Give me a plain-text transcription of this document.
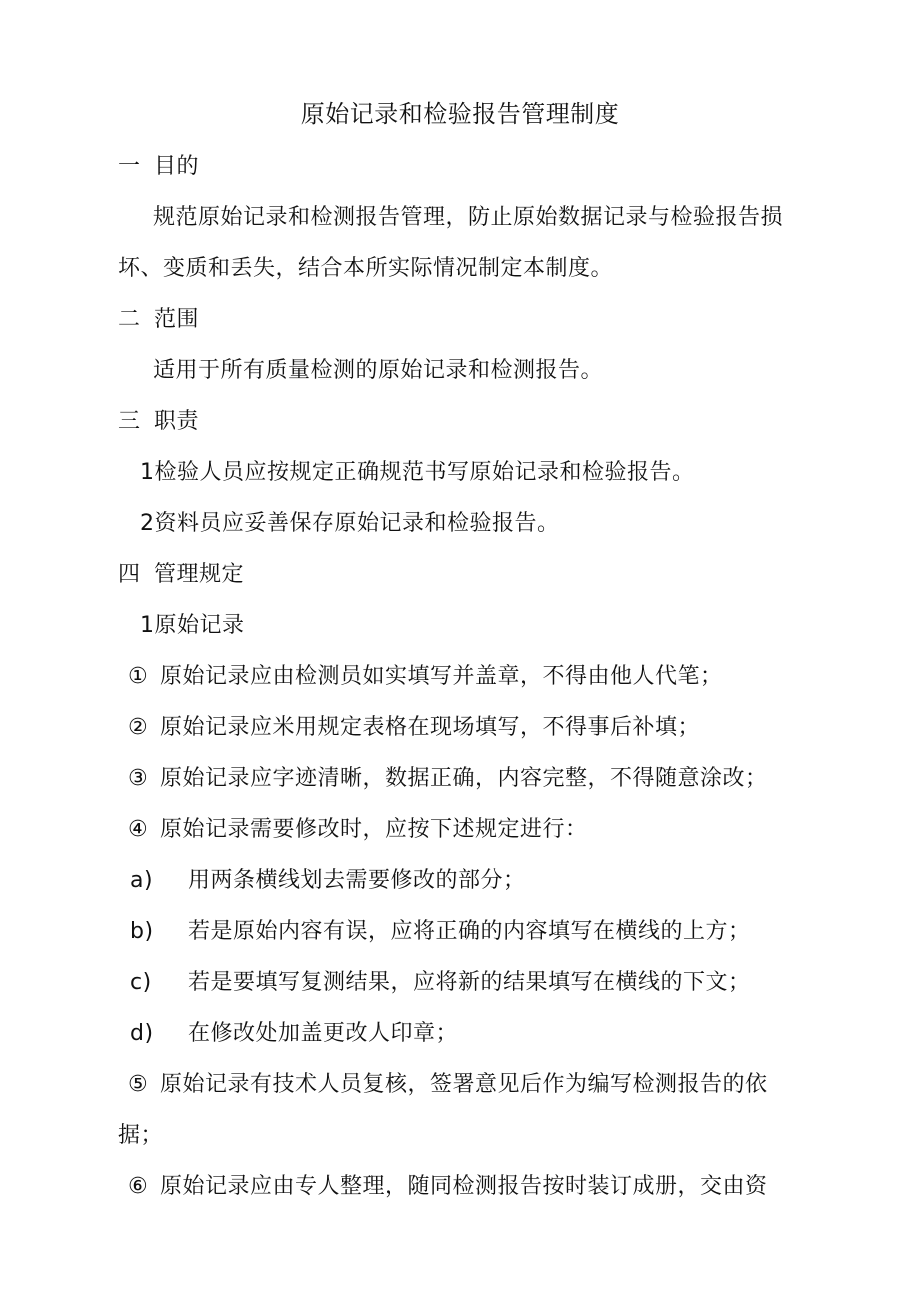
原始记录和检验报告管理制度
一 目的
规范原始记录和检测报告管理，防止原始数据记录与检验报告损
坏、变质和丢失，结合本所实际情况制定本制度。
二 范围
适用于所有质量检测的原始记录和检测报告。
三 职责
1检验人员应按规定正确规范书写原始记录和检验报告。
2资料员应妥善保存原始记录和检验报告。
四 管理规定
1原始记录
① 原始记录应由检测员如实填写并盖章，不得由他人代笔；
② 原始记录应米用规定表格在现场填写，不得事后补填；
③ 原始记录应字迹清晰，数据正确，内容完整，不得随意涂改；
④ 原始记录需要修改时，应按下述规定进行：
a) 用两条横线划去需要修改的部分；
b) 若是原始内容有误，应将正确的内容填写在横线的上方；
c) 若是要填写复测结果，应将新的结果填写在横线的下文；
d) 在修改处加盖更改人印章；
⑤ 原始记录有技术人员复核，签署意见后作为编写检测报告的依
据；
⑥ 原始记录应由专人整理，随同检测报告按时装订成册，交由资
